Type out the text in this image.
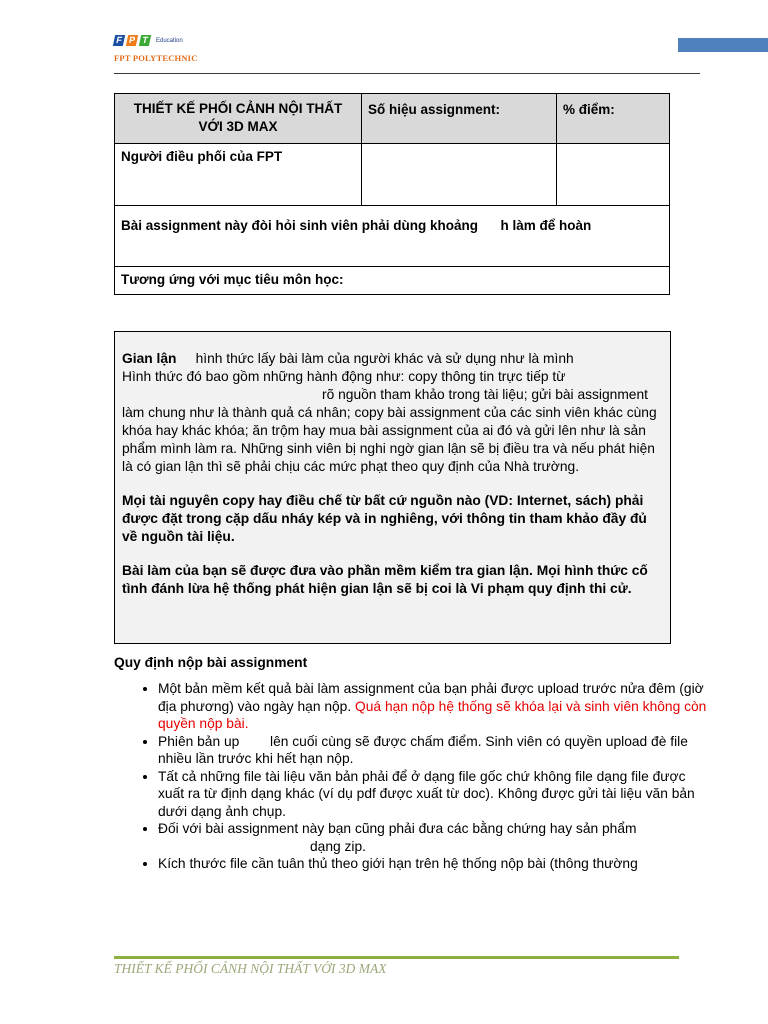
F P T	Education
FPT POLYTECHNIC
THIẾT KẾ PHỐI CẢNH NỘI THẤT VỚI 3D MAX	Số hiệu assignment:	% điểm:
Người điều phối của FPT		
Bài assignment này đòi hỏi sinh viên phải dùng khoảng      h làm để hoàn		
Tương ứng với mục tiêu môn học:		

Gian lận hình thức lấy bài làm của người khác và sử dụng như là mình
Hình thức đó bao gồm những hành động như: copy thông tin trực tiếp từ
rõ nguồn tham khảo trong tài liệu; gửi bài assignment
làm chung như là thành quả cá nhân; copy bài assignment của các sinh viên khác cùng khóa hay khác khóa; ăn trộm hay mua bài assignment của ai đó và gửi lên như là sản phẩm mình làm ra. Những sinh viên bị nghi ngờ gian lận sẽ bị điều tra và nếu phát hiện là có gian lận thì sẽ phải chịu các mức phạt theo quy định của Nhà trường.

Mọi tài nguyên copy hay điều chế từ bất cứ nguồn nào (VD: Internet, sách) phải được đặt trong cặp dấu nháy kép và in nghiêng, với thông tin tham khảo đầy đủ về nguồn tài liệu.

Bài làm của bạn sẽ được đưa vào phần mềm kiểm tra gian lận. Mọi hình thức cố tình đánh lừa hệ thống phát hiện gian lận sẽ bị coi là Vi phạm quy định thi cử.

Quy định nộp bài assignment
• Một bản mềm kết quả bài làm assignment của bạn phải được upload trước nửa đêm (giờ địa phương) vào ngày hạn nộp. Quá hạn nộp hệ thống sẽ khóa lại và sinh viên không còn quyền nộp bài.
• Phiên bản up lên cuối cùng sẽ được chấm điểm. Sinh viên có quyền upload đè file nhiều lần trước khi hết hạn nộp.
• Tất cả những file tài liệu văn bản phải để ở dạng file gốc chứ không file dạng file được xuất ra từ định dạng khác (ví dụ pdf được xuất từ doc). Không được gửi tài liệu văn bản dưới dạng ảnh chụp.
• Đối với bài assignment này bạn cũng phải đưa các bằng chứng hay sản phẩm
dạng zip.
• Kích thước file cần tuân thủ theo giới hạn trên hệ thống nộp bài (thông thường
THIẾT KẾ PHỐI CẢNH NỘI THẤT VỚI 3D MAX
